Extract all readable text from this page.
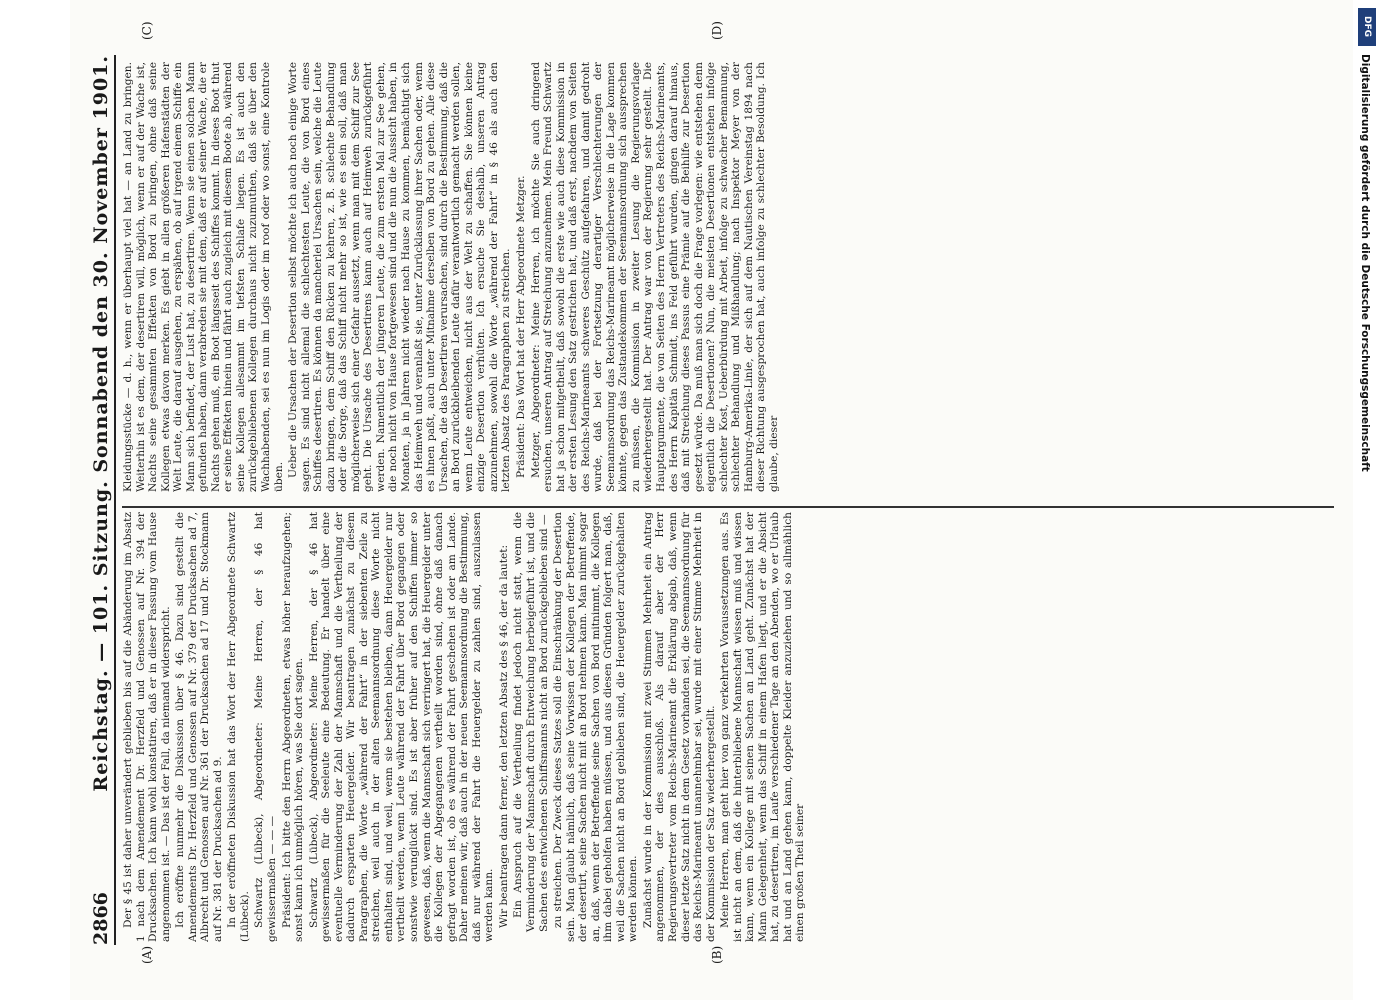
2866
Reichstag. — 101. Sitzung. Sonnabend den 30. November 1901.
(A)	(B)
(C)	(D)

Der § 45 ist daher unverändert geblieben bis auf die Abänderung im Absatz 1 nach dem Amendement Dr. Herzfeld und Genossen auf Nr. 394 der Drucksachen. Ich kann wohl konstatiren, daß er in dieser Fassung vom Hause angenommen ist. — Das ist der Fall, da niemand widerspricht. Ich eröffne nunmehr die Diskussion über § 46. Dazu sind gestellt die Amendements Dr. Herzfeld und Genossen auf Nr. 379 der Drucksachen ad 7, Albrecht und Genossen auf Nr. 361 der Drucksachen ad 17 und Dr. Stockmann auf Nr. 381 der Drucksachen ad 9. In der eröffneten Diskussion hat das Wort der Herr Abgeordnete Schwartz (Lübeck). Schwartz (Lübeck), Abgeordneter: Meine Herren, der § 46 hat gewissermaßen — — — Präsident: Ich bitte den Herrn Abgeordneten, etwas höher heraufzugehen; sonst kann ich unmöglich hören, was Sie dort sagen. Schwartz (Lübeck), Abgeordneter: Meine Herren, der § 46 hat gewissermaßen für die Seeleute eine Bedeutung. Er handelt über eine eventuelle Verminderung der Zahl der Mannschaft und die Vertheilung der dadurch ersparten Heuergelder. Wir beantragen zunächst zu diesem Paragraphen, die Worte „während der Fahrt“ in der siebenten Zeile zu streichen, weil auch in der alten Seemannsordnung diese Worte nicht enthalten sind, und weil, wenn sie bestehen bleiben, dann Heuergelder nur vertheilt werden, wenn Leute während der Fahrt über Bord gegangen oder sonstwie verunglückt sind. Es ist aber früher auf den Schiffen immer so gewesen, daß, wenn die Mannschaft sich verringert hat, die Heuergelder unter die Kollegen der Abgegangenen vertheilt worden sind, ohne daß danach gefragt worden ist, ob es während der Fahrt geschehen ist oder am Lande. Daher meinen wir, daß auch in der neuen Seemannsordnung die Bestimmung, daß nur während der Fahrt die Heuergelder zu zahlen sind, auszulassen werden kann. Wir beantragen dann ferner, den letzten Absatz des § 46, der da lautet: Ein Anspruch auf die Vertheilung findet jedoch nicht statt, wenn die Verminderung der Mannschaft durch Entweichung herbeigeführt ist, und die Sachen des entwichenen Schiffsmanns nicht an Bord zurückgeblieben sind — zu streichen. Der Zweck dieses Satzes soll die Einschränkung der Desertion sein. Man glaubt nämlich, daß seine Vorwissen der Kollegen der Betreffende, der desertirt, seine Sachen nicht mit an Bord nehmen kann. Man nimmt sogar an, daß, wenn der Betreffende seine Sachen von Bord mitnimmt, die Kollegen ihm dabei geholfen haben müssen, und aus diesen Gründen folgert man, daß, weil die Sachen nicht an Bord geblieben sind, die Heuergelder zurückgehalten werden können. Zunächst wurde in der Kommission mit zwei Stimmen Mehrheit ein Antrag angenommen, der dies ausschloß. Als darauf aber der Herr Regierungsvertreter vom Reichs-Marineamt die Erklärung abgab, daß, wenn dieser letzte Satz nicht in dem Gesetz vorhanden sei, die Seemannsordnung für das Reichs-Marineamt unannehmbar sei, wurde mit einer Stimme Mehrheit in der Kommission der Satz wiederhergestellt. Meine Herren, man geht hier von ganz verkehrten Voraussetzungen aus. Es ist nicht an dem, daß die hinterbliebene Mannschaft wissen muß und wissen kann, wenn ein Kollege mit seinen Sachen an Land geht. Zunächst hat der Mann Gelegenheit, wenn das Schiff in einem Hafen liegt, und er die Absicht hat, zu desertiren, im Laufe verschiedener Tage an den Abenden, wo er Urlaub hat und an Land gehen kann, doppelte Kleider anzuziehen und so allmählich einen großen Theil seiner

Kleidungsstücke — d. h., wenn er überhaupt viel hat — an Land zu bringen. Weiterhin ist es dem, der desertiren will, möglich, wenn er auf der Wache ist, Nachts seine gesammten Effekten von Bord zu bringen, ohne daß seine Kollegen etwas davon merken. Es giebt in allen größeren Hafenstädten der Welt Leute, die darauf ausgehen, zu erspähen, ob auf irgend einem Schiffe ein Mann sich befindet, der Lust hat, zu desertiren. Wenn sie einen solchen Mann gefunden haben, dann verabreden sie mit dem, daß er auf seiner Wache, die er Nachts gehen muß, ein Boot längsseit des Schiffes kommt. In dieses Boot thut er seine Effekten hinein und fährt auch zugleich mit diesem Boote ab, während seine Kollegen allesammt im tiefsten Schlafe liegen. Es ist auch den zurückgebliebenen Kollegen durchaus nicht zuzumuthen, daß sie über den Wachhabenden, sei es nun im Logis oder im roof oder wo sonst, eine Kontrole üben. Ueber die Ursachen der Desertion selbst möchte ich auch noch einige Worte sagen. Es sind nicht allemal die schlechtesten Leute, die von Bord eines Schiffes desertiren. Es können da mancherlei Ursachen sein, welche die Leute dazu bringen, dem Schiff den Rücken zu kehren, z. B. schlechte Behandlung oder die Sorge, daß das Schiff nicht mehr so ist, wie es sein soll, daß man möglicherweise sich einer Gefahr aussetzt, wenn man mit dem Schiff zur See geht. Die Ursache des Desertirens kann auch auf Heimweh zurückgeführt werden. Namentlich der jüngeren Leute, die zum ersten Mal zur See gehen, die noch nicht von Hause fortgewesen sind und die nun die Aussicht haben, in Monaten, ja in Jahren nicht wieder nach Hause zu kommen, bemächtigt sich das Heimweh und veranlaßt sie, unter Zurücklassung ihrer Sachen oder, wenn es ihnen paßt, auch unter Mitnahme derselben von Bord zu gehen. Alle diese Ursachen, die das Desertiren verursachen, sind durch die Bestimmung, daß die an Bord zurückbleibenden Leute dafür verantwortlich gemacht werden sollen, wenn Leute entweichen, nicht aus der Welt zu schaffen. Sie können keine einzige Desertion verhüten. Ich ersuche Sie deshalb, unseren Antrag anzunehmen, sowohl die Worte „während der Fahrt“ in § 46 als auch den letzten Absatz des Paragraphen zu streichen. Präsident: Das Wort hat der Herr Abgeordnete Metzger. Metzger, Abgeordneter: Meine Herren, ich möchte Sie auch dringend ersuchen, unseren Antrag auf Streichung anzunehmen. Mein Freund Schwartz hat ja schon mitgetheilt, daß sowohl die erste wie auch diese Kommission in der ersten Lesung den Satz gestrichen hat, und daß erst, nachdem von Seiten des Reichs-Marineamts schweres Geschütz aufgefahren, und damit gedroht wurde, daß bei der Fortsetzung derartiger Verschlechterungen der Seemannsordnung das Reichs-Marineamt möglicherweise in die Lage kommen könnte, gegen das Zustandekommen der Seemannsordnung sich aussprechen zu müssen, die Kommission in zweiter Lesung die Regierungsvorlage wiederhergestellt hat. Der Antrag war von der Regierung sehr gestellt. Die Hauptargumente, die von Seiten des Herrn Vertreters des Reichs-Marineamts, des Herrn Kapitän Schmidt, ins Feld geführt wurden, gingen darauf hinaus, daß mit Streichung dieses Passus eine Prämie auf die Beihilfe zur Desertion gesetzt würde. Da muß man sich doch die Frage vorlegen: wie entstehen denn eigentlich die Desertionen? Nun, die meisten Desertionen entstehen infolge schlechter Kost, Ueberbürdung mit Arbeit, infolge zu schwacher Bemannung, schlechter Behandlung und Mißhandlung; nach Inspektor Meyer von der Hamburg-Amerika-Linie, der sich auf dem Nautischen Vereinstag 1894 nach dieser Richtung ausgesprochen hat, auch infolge zu schlechter Besoldung. Ich glaube, dieser

DFG
Digitalisierung gefördert durch die Deutsche Forschungsgemeinschaft
